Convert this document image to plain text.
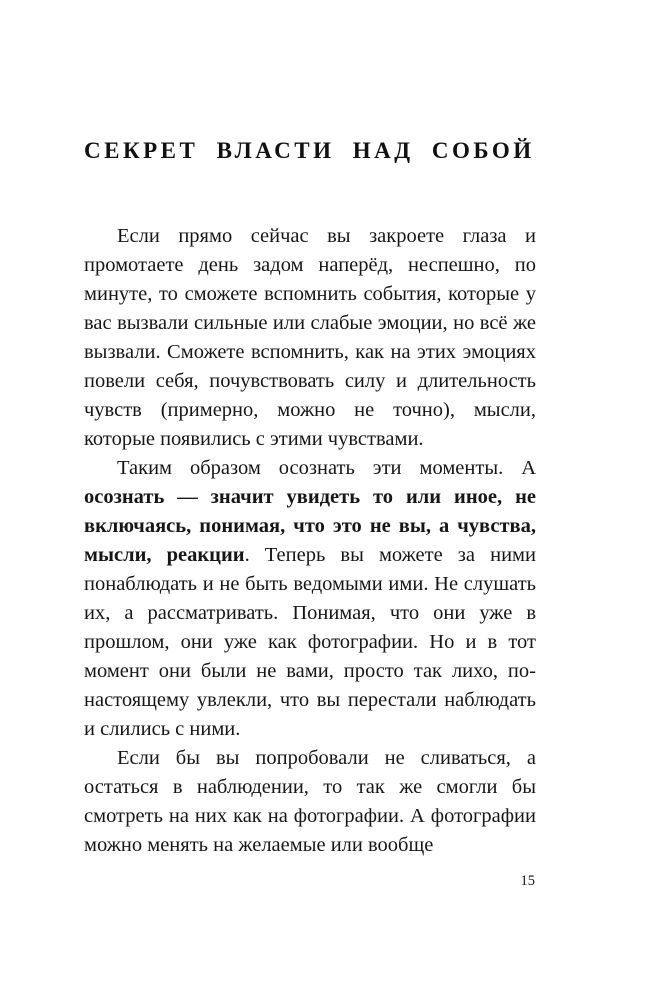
СЕКРЕТ ВЛАСТИ НАД СОБОЙ

Если прямо сейчас вы закроете глаза и промотаете день задом наперёд, неспешно, по минуте, то сможете вспомнить события, которые у вас вызвали сильные или слабые эмоции, но всё же вызвали. Сможете вспомнить, как на этих эмоциях повели себя, почувствовать силу и длительность чувств (примерно, можно не точно), мысли, которые появились с этими чувствами.

Таким образом осознать эти моменты. А осознать — значит увидеть то или иное, не включаясь, понимая, что это не вы, а чувства, мысли, реакции. Теперь вы можете за ними понаблюдать и не быть ведомыми ими. Не слушать их, а рассматривать. Понимая, что они уже в прошлом, они уже как фотографии. Но и в тот момент они были не вами, просто так лихо, по-настоящему увлекли, что вы перестали наблюдать и слились с ними.

Если бы вы попробовали не сливаться, а остаться в наблюдении, то так же смогли бы смотреть на них как на фотографии. А фотографии можно менять на желаемые или вообще

15
